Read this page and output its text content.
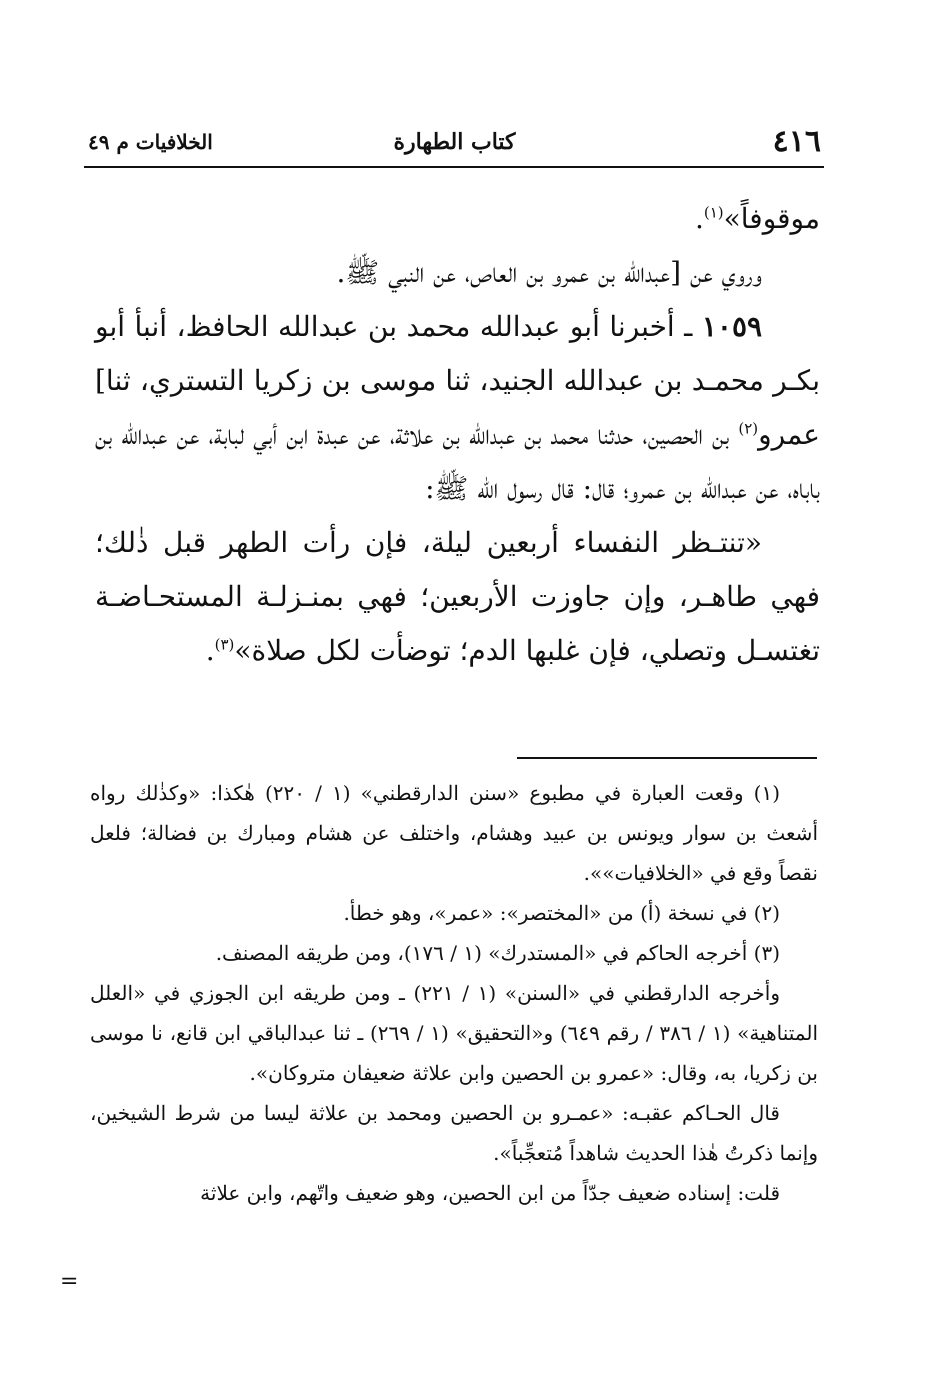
٤١٦
كتاب الطهارة
الخلافيات م ٤٩

موقوفاً»$^{(١)}$.

وروي عن [عبدالله بن عمرو بن العاص، عن النبي ﷺ.

١٠٥٩ ـ أخبرنا أبو عبدالله محمد بن عبدالله الحافظ، أنبأ أبو بكـر محمـد بن عبدالله الجنيد، ثنا موسى بن زكريا التستري، ثنا] عمرو$^{(٢)}$ بن الحصين، حدثنا محمد بن عبدالله بن علاثة، عن عبدة ابن أبي لبابة، عن عبدالله بن باباه، عن عبدالله بن عمرو؛ قال: قال رسول الله ﷺ:

«تنتـظر النفساء أربعين ليلة، فإن رأت الطهر قبل ذٰلك؛ فهي طاهـر، وإن جاوزت الأربعين؛ فهي بمنـزلـة المستحـاضـة تغتسـل وتصلي، فإن غلبها الدم؛ توضأت لكل صلاة»$^{(٣)}$.

(١) وقعت العبارة في مطبوع «سنن الدارقطني» (١ / ٢٢٠) هٰكذا: «وكذٰلك رواه أشعث بن سوار ويونس بن عبيد وهشام، واختلف عن هشام ومبارك بن فضالة؛ فلعل نقصاً وقع في «الخلافيات»».

(٢) في نسخة (أ) من «المختصر»: «عمر»، وهو خطأ.

(٣) أخرجه الحاكم في «المستدرك» (١ / ١٧٦)، ومن طريقه المصنف.

وأخرجه الدارقطني في «السنن» (١ / ٢٢١) ـ ومن طريقه ابن الجوزي في «العلل المتناهية» (١ / ٣٨٦ / رقم ٦٤٩) و«التحقيق» (١ / ٢٦٩) ـ ثنا عبدالباقي ابن قانع، نا موسى بن زكريا، به، وقال: «عمرو بن الحصين وابن علاثة ضعيفان متروكان».

قال الحـاكم عقبـه: «عمـرو بن الحصين ومحمد بن علاثة ليسا من شرط الشيخين، وإنما ذكرتُ هٰذا الحديث شاهداً مُتعجِّباً».

قلت: إسناده ضعيف جدّاً من ابن الحصين، وهو ضعيف واتّهم، وابن علاثة

=
